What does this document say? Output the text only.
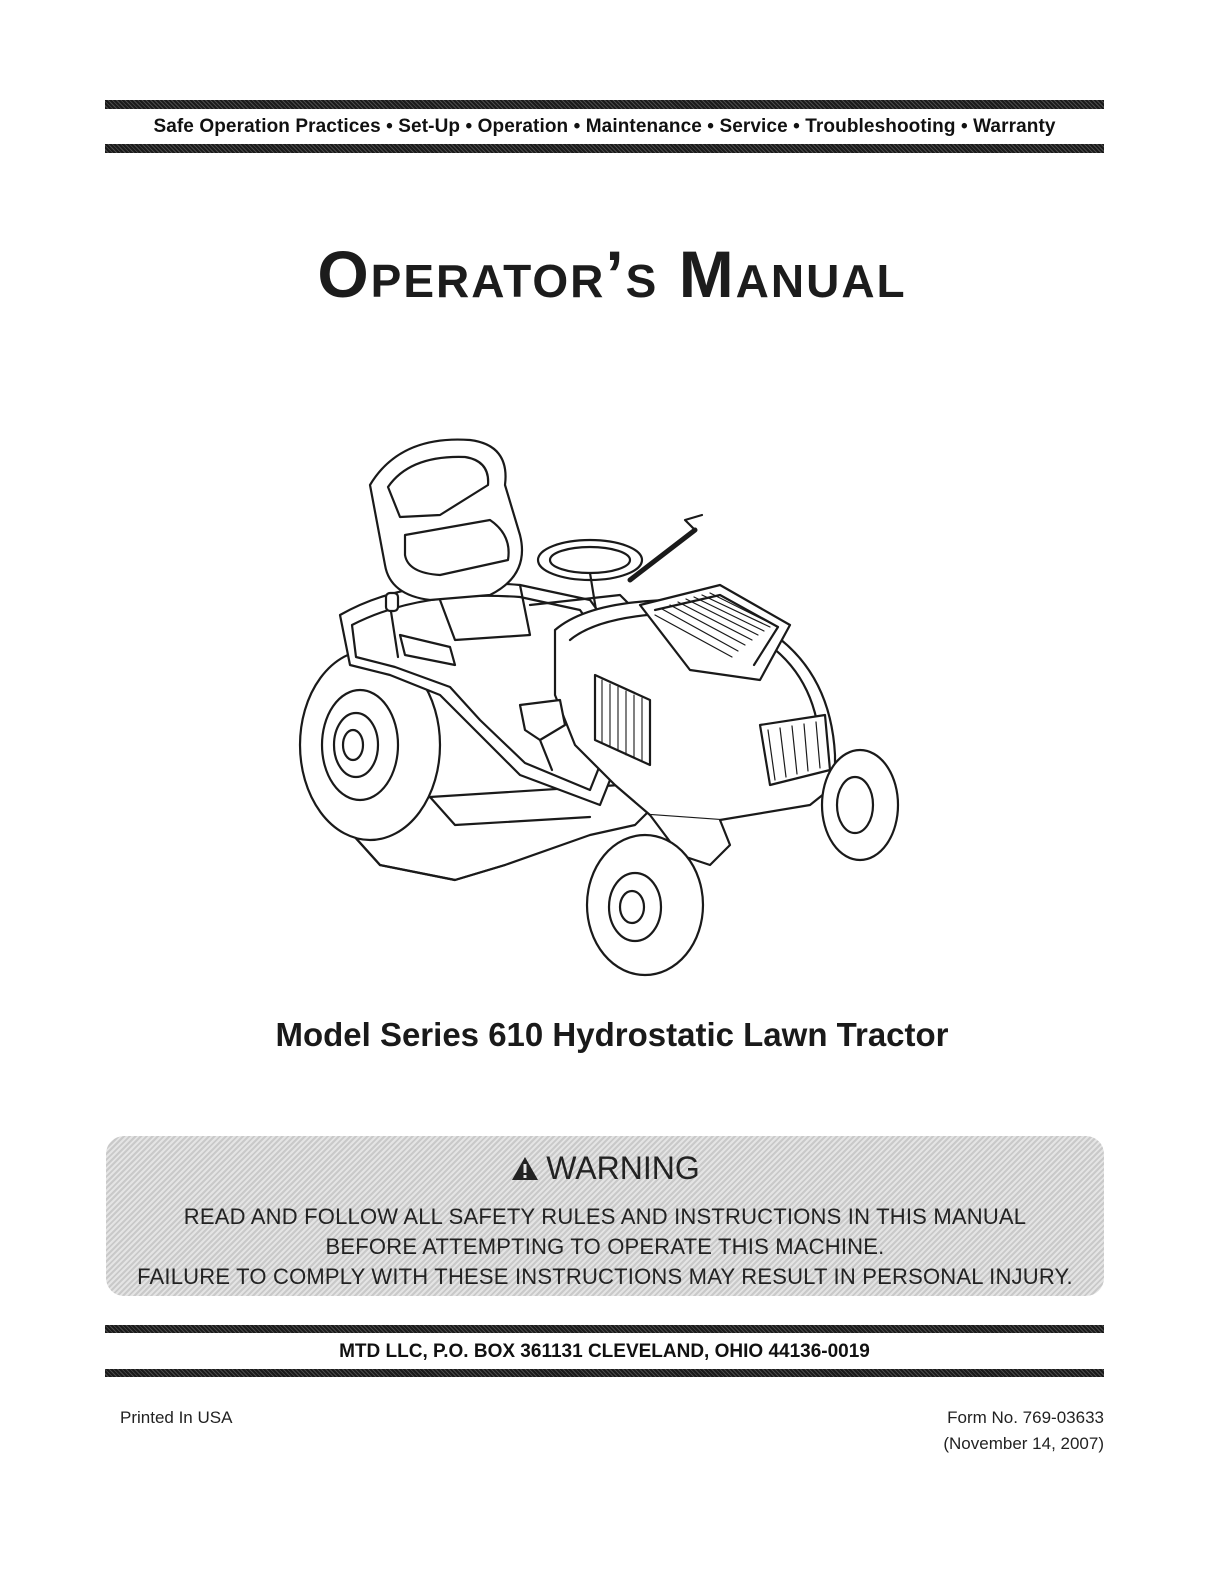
Safe Operation Practices • Set-Up • Operation • Maintenance • Service • Troubleshooting • Warranty
Operator’s Manual
Model Series 610 Hydrostatic Lawn Tractor
WARNING
READ AND FOLLOW ALL SAFETY RULES AND INSTRUCTIONS IN THIS MANUAL
BEFORE ATTEMPTING TO OPERATE THIS MACHINE.
FAILURE TO COMPLY WITH THESE INSTRUCTIONS MAY RESULT IN PERSONAL INJURY.
MTD LLC, P.O. BOX 361131 CLEVELAND, OHIO 44136-0019
Printed In USA	Form No. 769-03633
(November 14, 2007)
